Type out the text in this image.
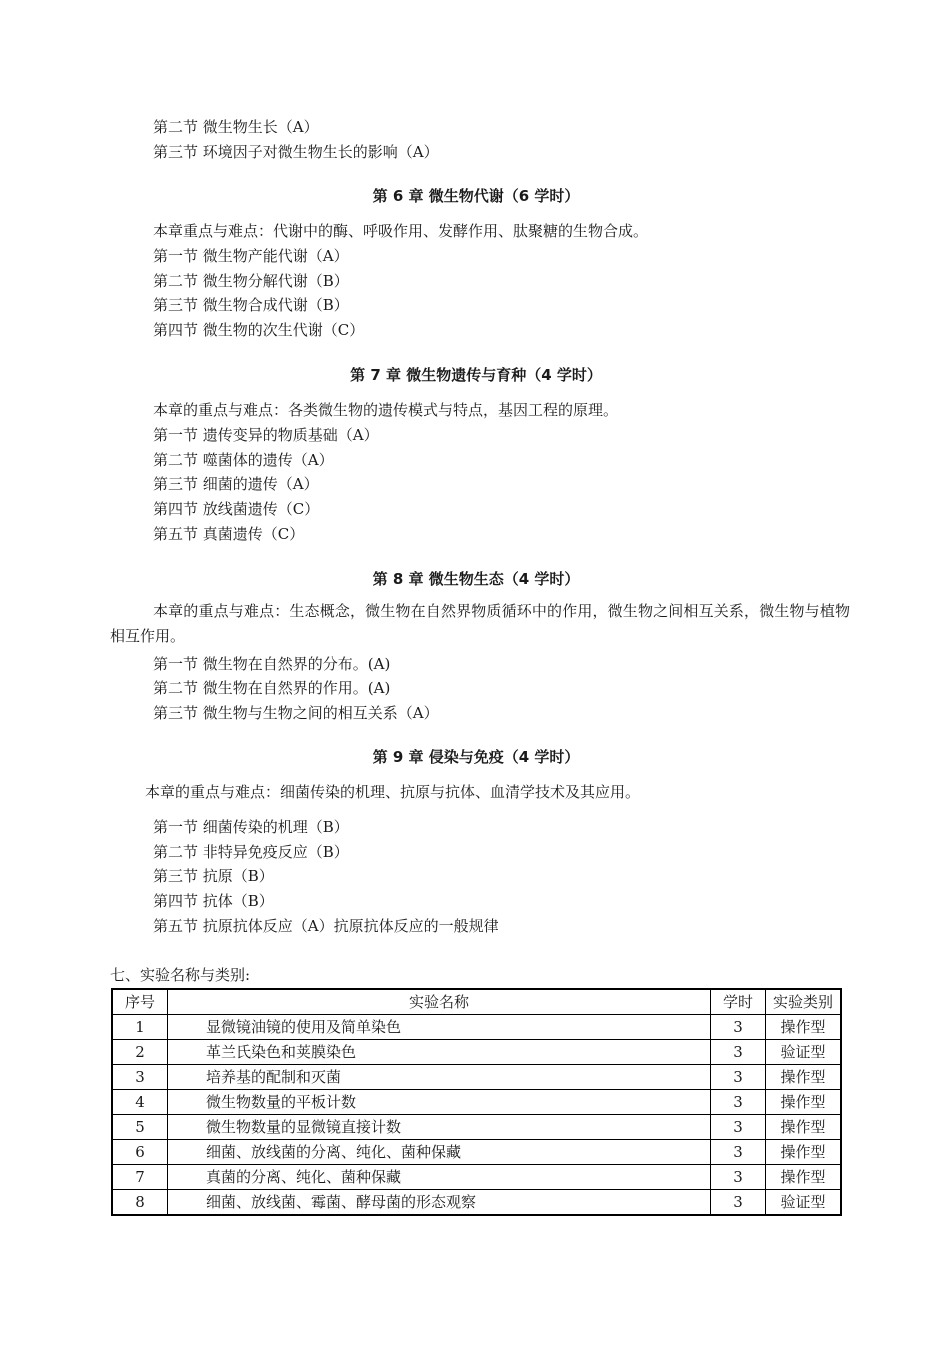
第二节 微生物生长（A）
第三节 环境因子对微生物生长的影响（A）
第 6 章 微生物代谢（6 学时）
本章重点与难点：代谢中的酶、呼吸作用、发酵作用、肽聚糖的生物合成。
第一节 微生物产能代谢（A）
第二节 微生物分解代谢（B）
第三节 微生物合成代谢（B）
第四节 微生物的次生代谢（C）
第 7 章 微生物遗传与育种（4 学时）
本章的重点与难点：各类微生物的遗传模式与特点，基因工程的原理。
第一节 遗传变异的物质基础（A）
第二节 噬菌体的遗传（A）
第三节 细菌的遗传（A）
第四节 放线菌遗传（C）
第五节 真菌遗传（C）
第 8 章 微生物生态（4 学时）
本章的重点与难点：生态概念，微生物在自然界物质循环中的作用，微生物之间相互关系，微生物与植物相互作用。
第一节 微生物在自然界的分布。(A)
第二节 微生物在自然界的作用。(A)
第三节 微生物与生物之间的相互关系（A）
第 9 章 侵染与免疫（4 学时）
本章的重点与难点：细菌传染的机理、抗原与抗体、血清学技术及其应用。
第一节 细菌传染的机理（B）
第二节 非特异免疫反应（B）
第三节 抗原（B）
第四节 抗体（B）
第五节 抗原抗体反应（A）抗原抗体反应的一般规律
七、实验名称与类别:
序号	实验名称	学时	实验类别
1	显微镜油镜的使用及简单染色	3	操作型
2	革兰氏染色和荚膜染色	3	验证型
3	培养基的配制和灭菌	3	操作型
4	微生物数量的平板计数	3	操作型
5	微生物数量的显微镜直接计数	3	操作型
6	细菌、放线菌的分离、纯化、菌种保藏	3	操作型
7	真菌的分离、纯化、菌种保藏	3	操作型
8	细菌、放线菌、霉菌、酵母菌的形态观察	3	验证型
